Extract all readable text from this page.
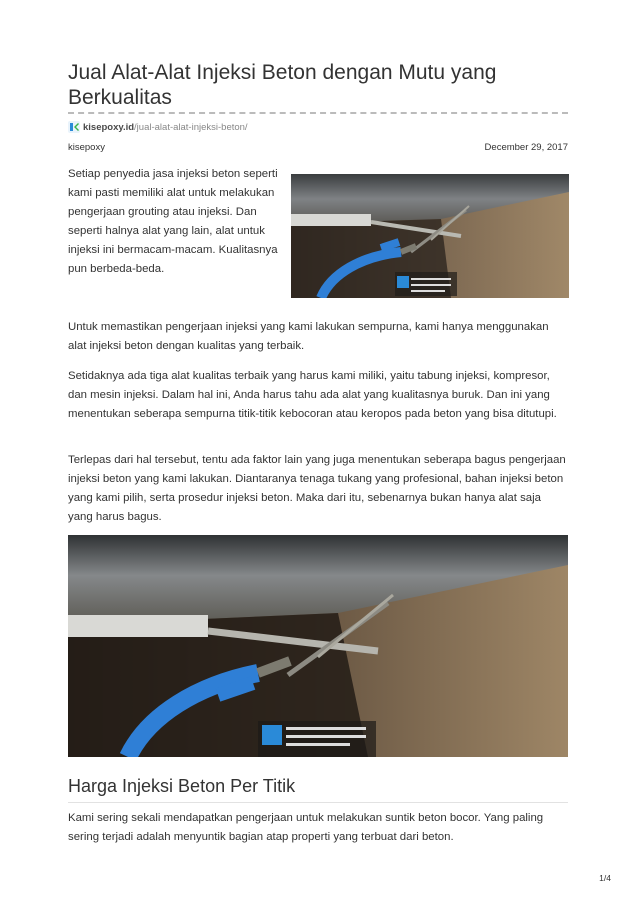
Jual Alat-Alat Injeksi Beton dengan Mutu yang Berkualitas
kisepoxy.id /jual-alat-alat-injeksi-beton/
kisepoxy	December 29, 2017

Setiap penyedia jasa injeksi beton seperti kami pasti memiliki alat untuk melakukan pengerjaan grouting atau injeksi. Dan seperti halnya alat yang lain, alat untuk injeksi ini bermacam-macam. Kualitasnya pun berbeda-beda.

Untuk memastikan pengerjaan injeksi yang kami lakukan sempurna, kami hanya menggunakan alat injeksi beton dengan kualitas yang terbaik.

Setidaknya ada tiga alat kualitas terbaik yang harus kami miliki, yaitu tabung injeksi, kompresor, dan mesin injeksi. Dalam hal ini, Anda harus tahu ada alat yang kualitasnya buruk. Dan ini yang menentukan seberapa sempurna titik-titik kebocoran atau keropos pada beton yang bisa ditutupi.

Terlepas dari hal tersebut, tentu ada faktor lain yang juga menentukan seberapa bagus pengerjaan injeksi beton yang kami lakukan. Diantaranya tenaga tukang yang profesional, bahan injeksi beton yang kami pilih, serta prosedur injeksi beton. Maka dari itu, sebenarnya bukan hanya alat saja yang harus bagus.

Harga Injeksi Beton Per Titik

Kami sering sekali mendapatkan pengerjaan untuk melakukan suntik beton bocor. Yang paling sering terjadi adalah menyuntik bagian atap properti yang terbuat dari beton.

1/4
